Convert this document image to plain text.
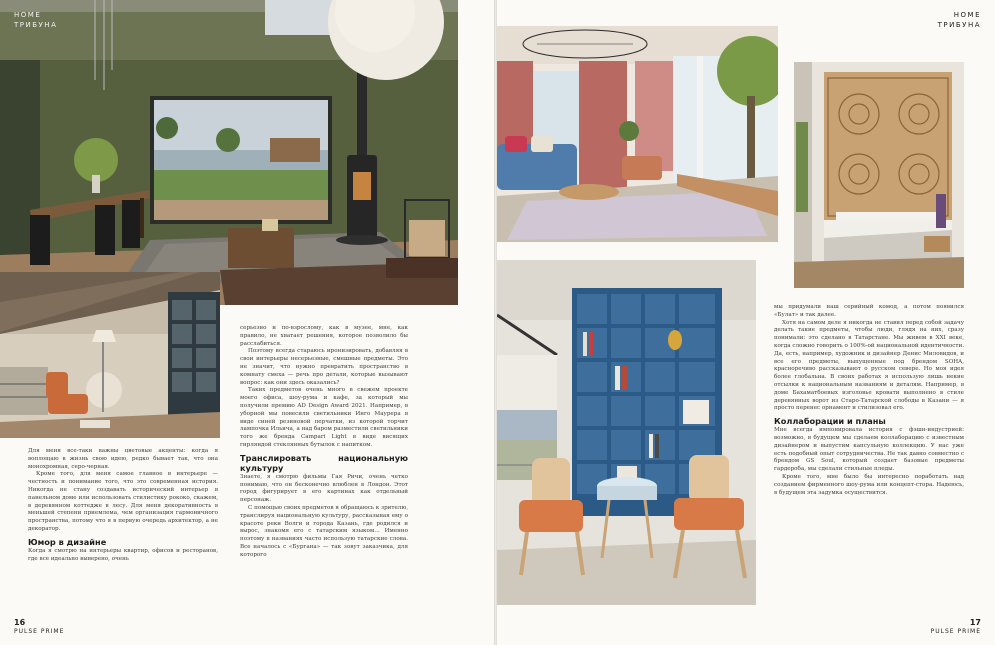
Для меня все-таки важны цветовые акценты: когда я воплощаю в жизнь свою идею, редко бывает так, что она монохромная, серо-черная.

Кроме того, для меня самое главное в интерьере — честность и понимание того, что это современная история. Никогда не стану создавать исторический интерьер в панельном доме или использовать стилистику рококо, скажем, в деревянном коттедже в лесу. Для меня декоративность в меньшей степени приемлема, чем организация гармоничного пространства, потому что я в первую очередь архитектор, а не декоратор.

Юмор в дизайне

Когда я смотрю на интерьеры квартир, офисов и ресторанов, где все идеально выверено, очень

серьезно и по-взрослому, как в музее, мне, как правило, не хватает решения, которое позволило бы расслабиться.

Поэтому всегда стараюсь иронизировать, добавляя в свои интерьеры несерьезные, смешные предметы. Это не значит, что нужно превратить пространство в комнату смеха — речь про детали, которые вызывают вопрос: как они здесь оказались?

Таких предметов очень много в свежем проекте моего офиса, шоу-рума и кафе, за который мы получили премию AD Design Award 2021. Например, в уборной мы повесили светильники Инго Маурера в виде синей резиновой перчатки, из которой торчит лампочка Ильича, а над баром разместили светильники того же бренда Campari Light в виде висящих гирляндой стеклянных бутылок с напитком.

Транслировать национальную культуру

Знаете, я смотрю фильмы Гая Ричи, очень четко понимаю, что он бесконечно влюблен в Лондон. Этот город фигурирует в его картинах как отдельный персонаж.

С помощью своих предметов я обращаюсь к зрителю, транслируя национальную культуру, рассказывая ему о красоте реки Волги и города Казань, где родился и вырос, знакомя его с татарским языком… Именно поэтому в названиях часто использую татарские слова. Все началось с «Бургана» — так зовут заказчика, для которого

HOME
ТРИБУНА
16
PULSE PRIME

мы придумали наш серийный комод, а потом появился «Булат» и так далее.

Хотя на самом деле я никогда не ставил перед собой задачу делать такие предметы, чтобы люди, глядя на них, сразу понимали: это сделано в Татарстане. Мы живем в XXI веке, когда сложно говорить о 100%-ой национальной идентичности. Да, есть, например, художник и дизайнер Денис Миловидов, и все его предметы, выпущенные под брендом SOHA, красноречиво рассказывают о русском севере. Но моя идея более глобальна. В своих работах я использую лишь некие отсылки к национальным названиям и деталям. Например, в доме Бахаматбоевых изголовье кровати выполнено в стиле деревянных ворот из Старо-Татарской слободы в Казани — я просто перенес орнамент и стилизовал его.

Коллаборации и планы

Мне всегда импонировала история с фэшн-индустрией: возможно, в будущем мы сделаем коллаборацию с известным дизайнером и выпустим капсульную коллекцию. У нас уже есть подобный опыт сотрудничества. Не так давно совместно с брендом GS Soul, который создает базовые предметы гардероба, мы сделали стильные пледы.

Кроме того, мне было бы интересно поработать над созданием фирменного шоу-рума или концепт-стора. Надеюсь, в будущем эта задумка осуществится.

HOME
ТРИБУНА
17
PULSE PRIME
